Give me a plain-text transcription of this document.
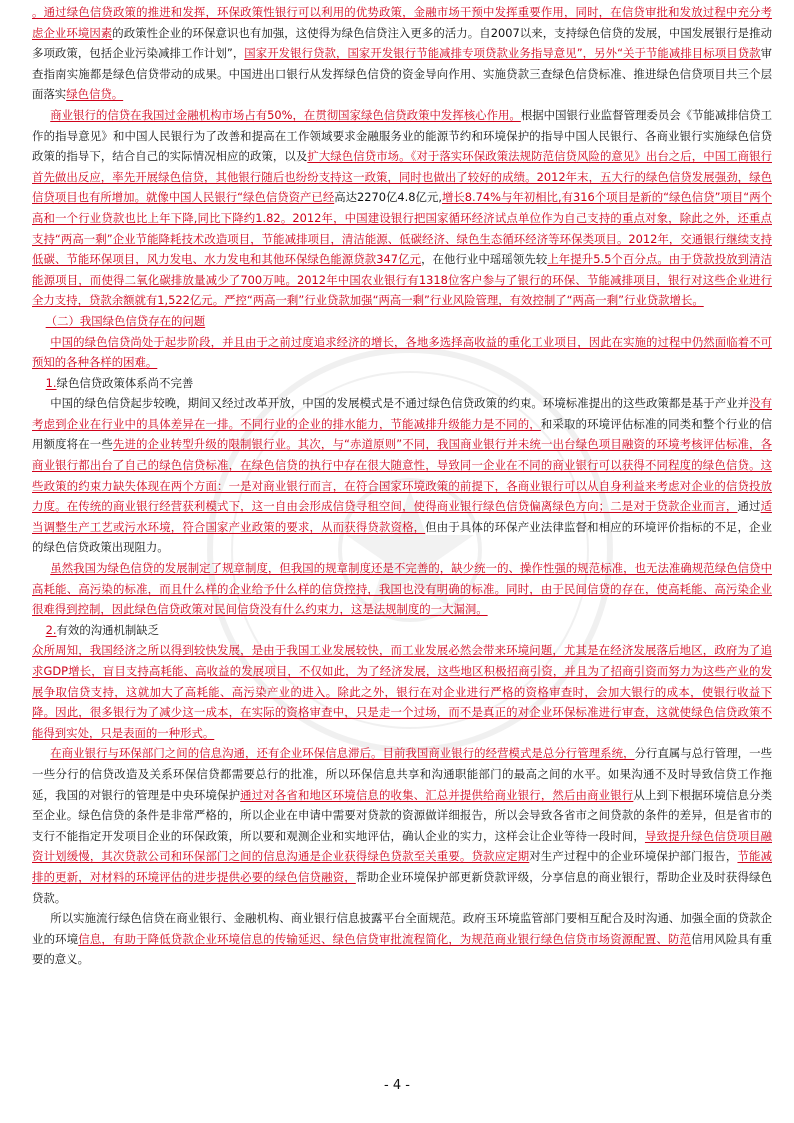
。通过绿色信贷政策的推进和发挥，环保政策性银行可以利用的优势政策，金融市场干预中发挥重要作用，同时，在信贷审批和发放过程中充分考虑企业环境因素的政策性企业的环保意识也有加强，这使得为绿色信贷注入更多的活力。自2007以来，支持绿色信贷的发展，中国发展银行是推动多项政策，包括企业污染减排工作计划”，国家开发银行贷款，国家开发银行节能减排专项贷款业务指导意见”，另外“关于节能减排目标项目贷款审查指南实施都是绿色信贷带动的成果。中国进出口银行从发挥绿色信贷的资金导向作用、实施贷款三查绿色信贷标准、推进绿色信贷项目共三个层面落实绿色信贷。

商业银行的信贷在我国过金融机构市场占有50%，在贯彻国家绿色信贷政策中发挥核心作用。根据中国银行业监督管理委员会《节能减排信贷工作的指导意见》和中国人民银行为了改善和提高在工作领域要求金融服务业的能源节约和环境保护的指导中国人民银行、各商业银行实施绿色信贷政策的指导下，结合自己的实际情况相应的政策，以及扩大绿色信贷市场。《对于落实环保政策法规防范信贷风险的意见》出台之后，中国工商银行首先做出反应，率先开展绿色信贷，其他银行随后也纷纷支持这一政策，同时也做出了较好的成绩。2012年末，五大行的绿色信贷发展强劲，绿色信贷项目也有所增加。就像中国人民银行“绿色信贷资产已经高达2270亿4.8亿元,增长8.74%与年初相比,有316个项目是新的“绿色信贷”项目“两个高和一个行业贷款也比上年下降,同比下降约1.82。2012年，中国建设银行把国家循环经济试点单位作为自己支持的重点对象，除此之外，还重点支持“两高一剩”企业节能降耗技术改造项目，节能减排项目，清洁能源、低碳经济、绿色生态循环经济等环保类项目。2012年，交通银行继续支持低碳、节能环保项目，风力发电、水力发电和其他环保绿色能源贷款347亿元，在他行业中瑶瑶领先较上年提升5.5个百分点。由于贷款投放到清洁能源项目，而使得二氧化碳排放量减少了700万吨。2012年中国农业银行有1318位客户参与了银行的环保、节能减排项目，银行对这些企业进行全力支持，贷款余额就有1,522亿元。严控“两高一剩”行业贷款加强“两高一剩”行业风险管理，有效控制了“两高一剩”行业贷款增长。

（二）我国绿色信贷存在的问题

中国的绿色信贷尚处于起步阶段，并且由于之前过度追求经济的增长，各地多选择高收益的重化工业项目，因此在实施的过程中仍然面临着不可预知的各种各样的困难。

1.绿色信贷政策体系尚不完善

中国的绿色信贷起步较晚，期间又经过改革开放，中国的发展模式是不通过绿色信贷政策的约束。环境标准提出的这些政策都是基于产业并没有考虑到企业在行业中的具体差异在一排。不同行业的企业的排水能力，节能减排升级能力是不同的，和采取的环境评估标准的同类和整个行业的信用额度将在一些先进的企业转型升级的限制银行业。其次，与“赤道原则”不同，我国商业银行并未统一出台绿色项目融资的环境考核评估标准，各商业银行都出台了自己的绿色信贷标准，在绿色信贷的执行中存在很大随意性，导致同一企业在不同的商业银行可以获得不同程度的绿色信贷。这些政策的约束力缺失体现在两个方面：一是对商业银行而言，在符合国家环境政策的前提下，各商业银行可以从自身利益来考虑对企业的信贷投放力度。在传统的商业银行经营获利模式下，这一自由会形成信贷寻租空间，使得商业银行绿色信贷偏离绿色方向；二是对于贷款企业而言，通过适当调整生产工艺或污水环境，符合国家产业政策的要求，从而获得贷款资格，但由于具体的环保产业法律监督和相应的环境评价指标的不足，企业的绿色信贷政策出现阻力。

虽然我国为绿色信贷的发展制定了规章制度，但我国的规章制度还是不完善的，缺少统一的、操作性强的规范标准，也无法准确规范绿色信贷中高耗能、高污染的标准，而且什么样的企业给予什么样的信贷控持，我国也没有明确的标准。同时，由于民间信贷的存在，使高耗能、高污染企业很难得到控制，因此绿色信贷政策对民间信贷没有什么约束力，这是法规制度的一大漏洞。

2.有效的沟通机制缺乏

众所周知，我国经济之所以得到较快发展，是由于我国工业发展较快，而工业发展必然会带来环境问题，尤其是在经济发展落后地区，政府为了追求GDP增长，盲目支持高耗能、高收益的发展项目，不仅如此，为了经济发展，这些地区积极招商引资，并且为了招商引资而努力为这些产业的发展争取信贷支持，这就加大了高耗能、高污染产业的进入。除此之外，银行在对企业进行严格的资格审查时，会加大银行的成本，使银行收益下降。因此，很多银行为了减少这一成本，在实际的资格审查中，只是走一个过场，而不是真正的对企业环保标准进行审查，这就使绿色信贷政策不能得到实处，只是表面的一种形式。

在商业银行与环保部门之间的信息沟通，还有企业环保信息滞后。目前我国商业银行的经营模式是总分行管理系统，分行直属与总行管理，一些一些分行的信贷改造及关系环保信贷都需要总行的批准，所以环保信息共享和沟通职能部门的最高之间的水平。如果沟通不及时导致信贷工作拖延，我国的对银行的管理是中央环境保护通过对各省和地区环境信息的收集、汇总并提供给商业银行，然后由商业银行从上到下根据环境信息分类至企业。绿色信贷的条件是非常严格的，所以企业在申请中需要对贷款的资源做详细报告，所以会导致各省市之间贷款的条件的差异，但是省市的支行不能指定开发项目企业的环保政策，所以要和观测企业和实地评估，确认企业的实力，这样会让企业等待一段时间，导致提升绿色信贷项目融资计划缓慢，其次贷款公司和环保部门之间的信息沟通是企业获得绿色贷款至关重要。贷款应定期对生产过程中的企业环境保护部门报告，节能减排的更新，对材料的环境评估的进步提供必要的绿色信贷融资，帮助企业环境保护部更新贷款评级，分享信息的商业银行，帮助企业及时获得绿色贷款。

所以实施流行绿色信贷在商业银行、金融机构、商业银行信息披露平台全面规范。政府玉环境监管部门要相互配合及时沟通、加强全面的贷款企业的环境信息，有助于降低贷款企业环境信息的传输延迟、绿色信贷审批流程简化，为规范商业银行绿色信贷市场资源配置、防范信用风险具有重要的意义。

- 4 -
